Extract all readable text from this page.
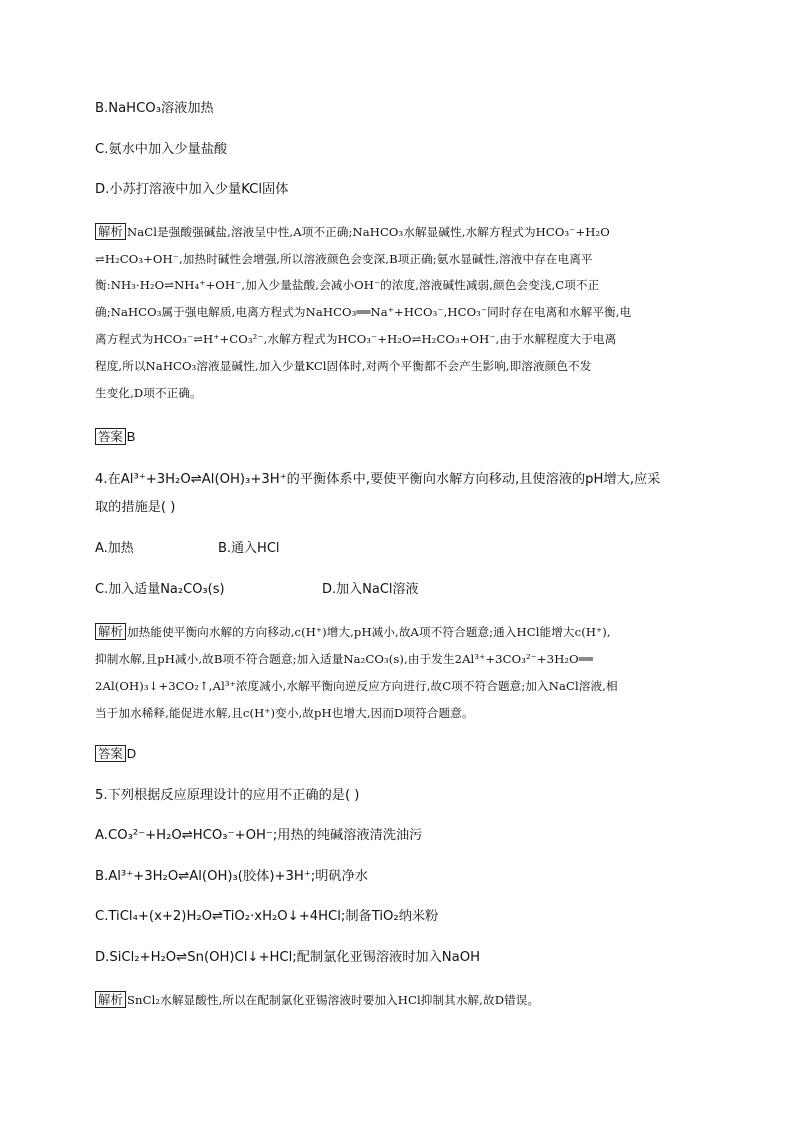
B.NaHCO₃溶液加热
C.氨水中加入少量盐酸
D.小苏打溶液中加入少量KCl固体
解析 NaCl是强酸强碱盐,溶液呈中性,A项不正确;NaHCO₃水解显碱性,水解方程式为HCO₃⁻+H₂O
⇌H₂CO₃+OH⁻,加热时碱性会增强,所以溶液颜色会变深,B项正确;氨水显碱性,溶液中存在电离平
衡:NH₃·H₂O⇌NH₄⁺+OH⁻,加入少量盐酸,会减小OH⁻的浓度,溶液碱性减弱,颜色会变浅,C项不正
确;NaHCO₃属于强电解质,电离方程式为NaHCO₃══Na⁺+HCO₃⁻,HCO₃⁻同时存在电离和水解平衡,电
离方程式为HCO₃⁻⇌H⁺+CO₃²⁻,水解方程式为HCO₃⁻+H₂O⇌H₂CO₃+OH⁻,由于水解程度大于电离
程度,所以NaHCO₃溶液显碱性,加入少量KCl固体时,对两个平衡都不会产生影响,即溶液颜色不发
生变化,D项不正确。
答案 B
4.在Al³⁺+3H₂O⇌Al(OH)₃+3H⁺的平衡体系中,要使平衡向水解方向移动,且使溶液的pH增大,应采
取的措施是( )
A.加热	B.通入HCl
C.加入适量Na₂CO₃(s)	D.加入NaCl溶液
解析 加热能使平衡向水解的方向移动,c(H⁺)增大,pH减小,故A项不符合题意;通入HCl能增大c(H⁺),
抑制水解,且pH减小,故B项不符合题意;加入适量Na₂CO₃(s),由于发生2Al³⁺+3CO₃²⁻+3H₂O══
2Al(OH)₃↓+3CO₂↑,Al³⁺浓度减小,水解平衡向逆反应方向进行,故C项不符合题意;加入NaCl溶液,相
当于加水稀释,能促进水解,且c(H⁺)变小,故pH也增大,因而D项符合题意。
答案 D
5.下列根据反应原理设计的应用不正确的是( )
A.CO₃²⁻+H₂O⇌HCO₃⁻+OH⁻;用热的纯碱溶液清洗油污
B.Al³⁺+3H₂O⇌Al(OH)₃(胶体)+3H⁺;明矾净水
C.TiCl₄+(x+2)H₂O⇌TiO₂·xH₂O↓+4HCl;制备TiO₂纳米粉
D.SiCl₂+H₂O⇌Sn(OH)Cl↓+HCl;配制氯化亚锡溶液时加入NaOH
解析 SnCl₂水解显酸性,所以在配制氯化亚锡溶液时要加入HCl抑制其水解,故D错误。
